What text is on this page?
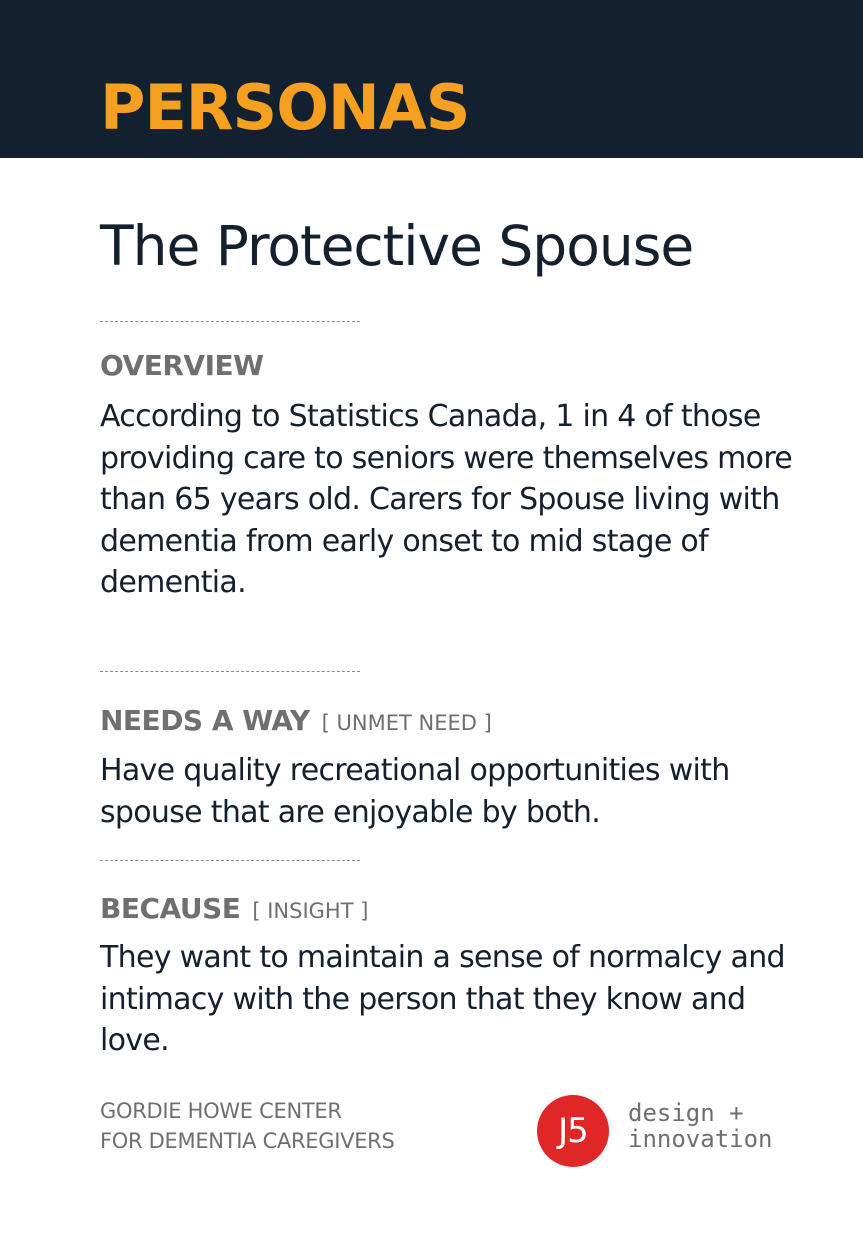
PERSONAS
The Protective Spouse

OVERVIEW

According to Statistics Canada, 1 in 4 of those providing care to seniors were themselves more than 65 years old. Carers for Spouse living with dementia from early onset to mid stage of dementia.

NEEDS A WAY [ UNMET NEED ]

Have quality recreational opportunities with spouse that are enjoyable by both.

BECAUSE [ INSIGHT ]

They want to maintain a sense of normalcy and intimacy with the person that they know and love.

GORDIE HOWE CENTER
FOR DEMENTIA CAREGIVERS	J5	design +
innovation
